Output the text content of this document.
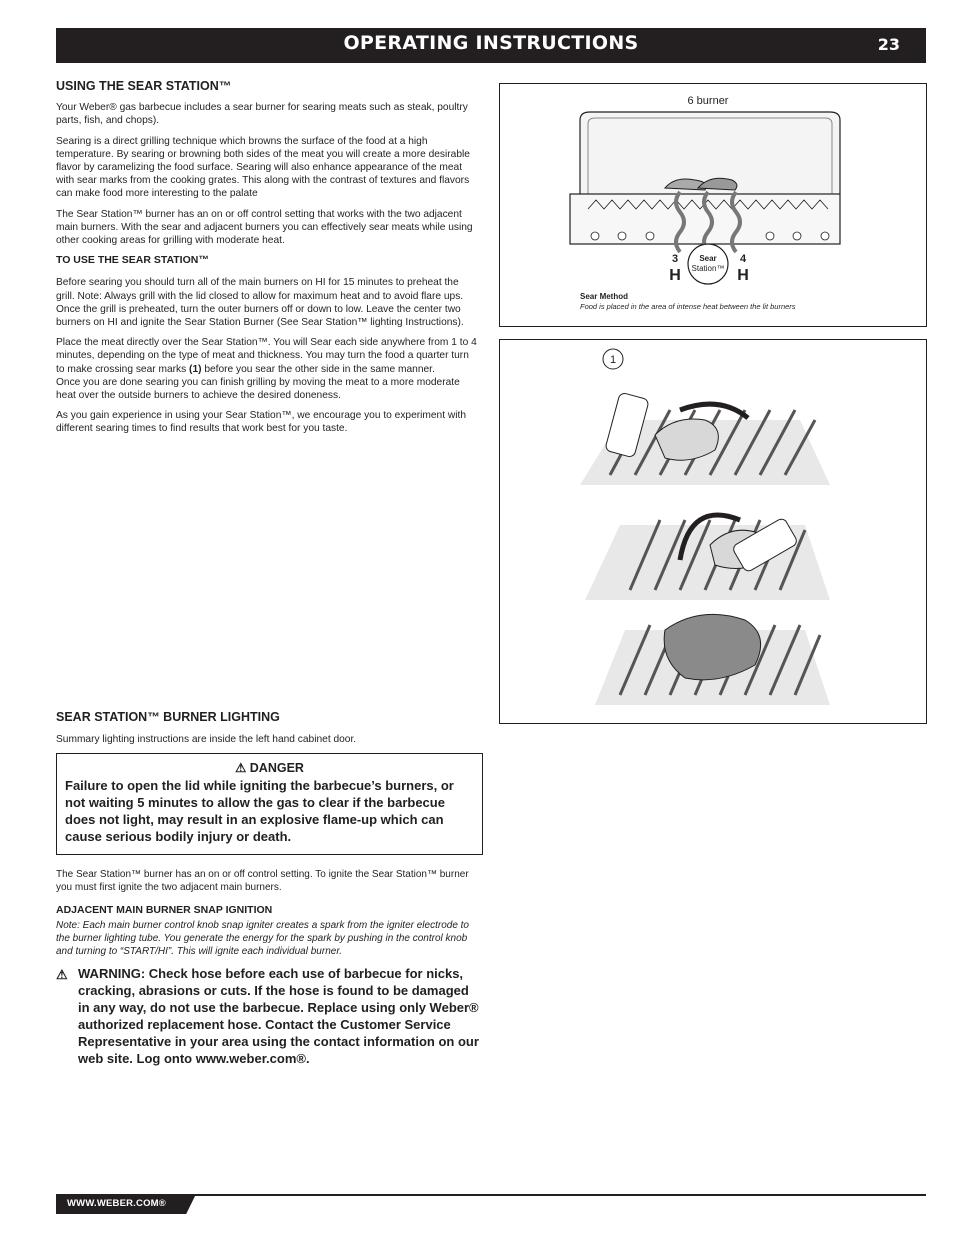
OPERATING INSTRUCTIONS	23
USING THE SEAR STATION™

Your Weber® gas barbecue includes a sear burner for searing meats such as steak, poultry parts, fish, and chops).

Searing is a direct grilling technique which browns the surface of the food at a high temperature. By searing or browning both sides of the meat you will create a more desirable flavor by caramelizing the food surface. Searing will also enhance appearance of the meat with sear marks from the cooking grates. This along with the contrast of textures and flavors can make food more interesting to the palate

The Sear Station™ burner has an on or off control setting that works with the two adjacent main burners. With the sear and adjacent burners you can effectively sear meats while using other cooking areas for grilling with moderate heat.

TO USE THE SEAR STATION™

Before searing you should turn all of the main burners on HI for 15 minutes to preheat the grill. Note: Always grill with the lid closed to allow for maximum heat and to avoid flare ups.

Once the grill is preheated, turn the outer burners off or down to low. Leave the center two burners on HI and ignite the Sear Station Burner (See Sear Station™ lighting Instructions).

Place the meat directly over the Sear Station™. You will Sear each side anywhere from 1 to 4 minutes, depending on the type of meat and thickness. You may turn the food a quarter turn to make crossing sear marks (1) before you sear the other side in the same manner.

Once you are done searing you can finish grilling by moving the meat to a more moderate heat over the outside burners to achieve the desired doneness.

As you gain experience in using your Sear Station™, we encourage you to experiment with different searing times to find results that work best for you taste.

SEAR STATION™ BURNER LIGHTING

Summary lighting instructions are inside the left hand cabinet door.

⚠ DANGER
Failure to open the lid while igniting the barbecue’s burners, or not waiting 5 minutes to allow the gas to clear if the barbecue does not light, may result in an explosive flame-up which can cause serious bodily injury or death.

The Sear Station™ burner has an on or off control setting. To ignite the Sear Station™ burner you must first ignite the two adjacent main burners.

ADJACENT MAIN BURNER SNAP IGNITION

Note: Each main burner control knob snap igniter creates a spark from the igniter electrode to the burner lighting tube. You generate the energy for the spark by pushing in the control knob and turning to “START/HI”. This will ignite each individual burner.

⚠ WARNING: Check hose before each use of barbecue for nicks, cracking, abrasions or cuts. If the hose is found to be damaged in any way, do not use the barbecue. Replace using only Weber® authorized replacement hose. Contact the Customer Service Representative in your area using the contact information on our web site. Log onto www.weber.com®.
6 burner
Sear
Station™
3	4
H	H
Sear Method
Food is placed in the area of intense heat between the lit burners
1
WWW.WEBER.COM®
